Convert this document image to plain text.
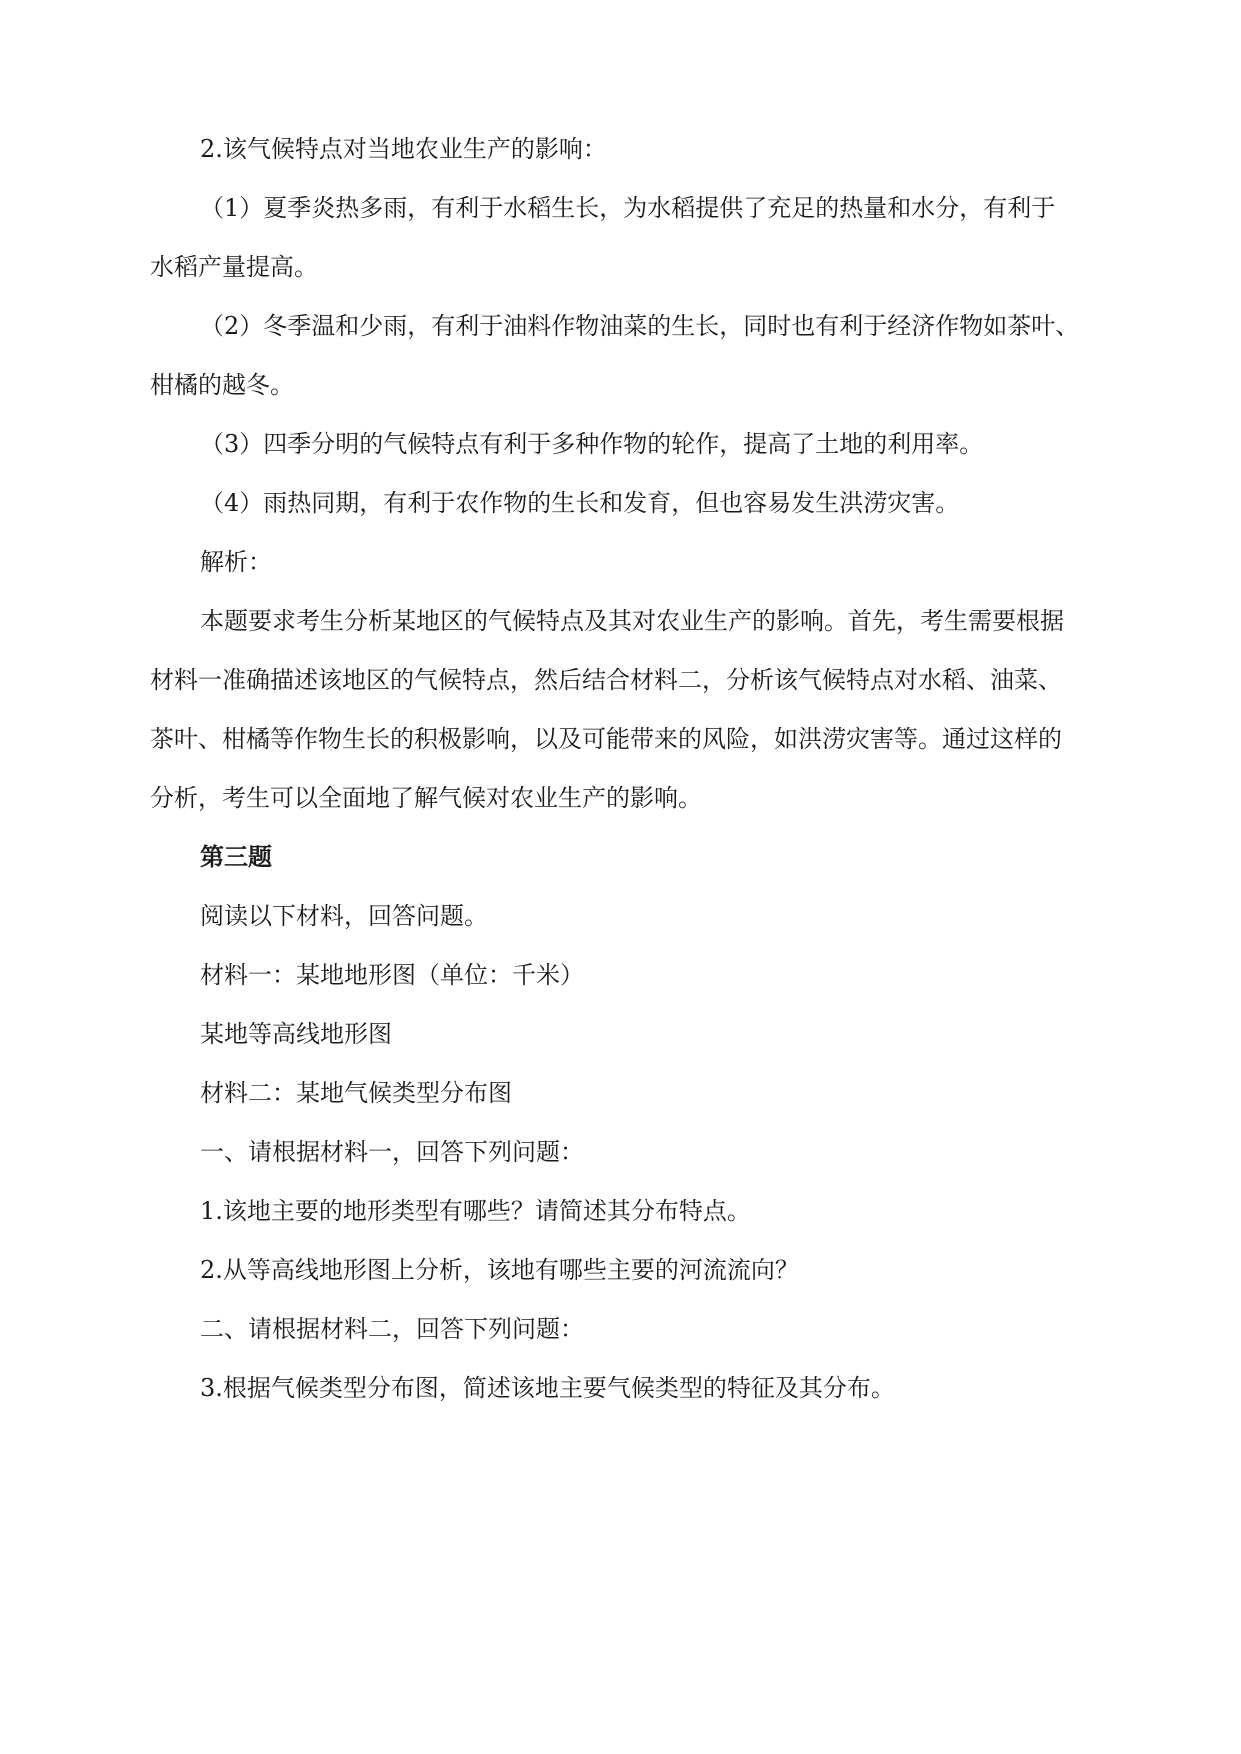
2.该气候特点对当地农业生产的影响：
（1）夏季炎热多雨，有利于水稻生长，为水稻提供了充足的热量和水分，有利于
水稻产量提高。
（2）冬季温和少雨，有利于油料作物油菜的生长，同时也有利于经济作物如茶叶、
柑橘的越冬。
（3）四季分明的气候特点有利于多种作物的轮作，提高了土地的利用率。
（4）雨热同期，有利于农作物的生长和发育，但也容易发生洪涝灾害。
解析：
本题要求考生分析某地区的气候特点及其对农业生产的影响。首先，考生需要根据
材料一准确描述该地区的气候特点，然后结合材料二，分析该气候特点对水稻、油菜、
茶叶、柑橘等作物生长的积极影响，以及可能带来的风险，如洪涝灾害等。通过这样的
分析，考生可以全面地了解气候对农业生产的影响。
第三题
阅读以下材料，回答问题。
材料一：某地地形图（单位：千米）
某地等高线地形图
材料二：某地气候类型分布图
一、请根据材料一，回答下列问题：
1.该地主要的地形类型有哪些？请简述其分布特点。
2.从等高线地形图上分析，该地有哪些主要的河流流向？
二、请根据材料二，回答下列问题：
3.根据气候类型分布图，简述该地主要气候类型的特征及其分布。
